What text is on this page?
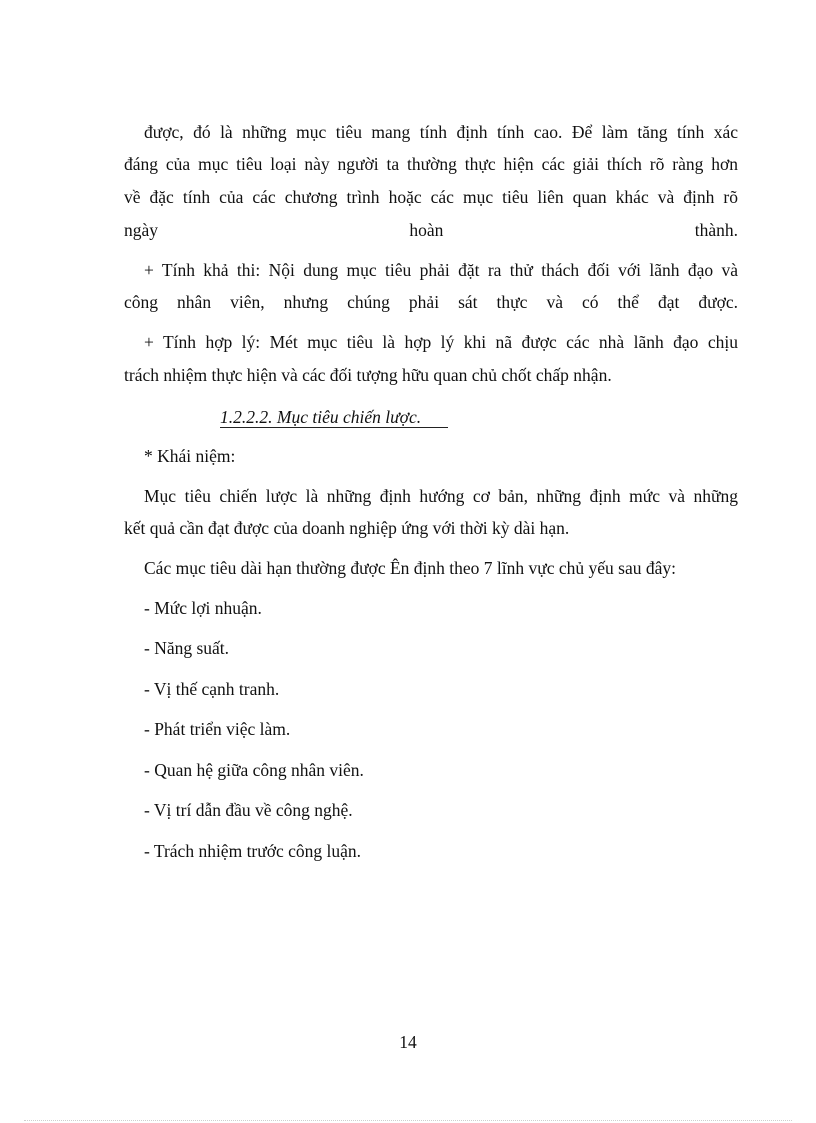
được, đó là những mục tiêu mang tính định tính cao. Để làm tăng tính xác
đáng của mục tiêu loại này người ta thường thực hiện các giải thích rõ ràng hơn
về đặc tính của các chương trình hoặc các mục tiêu liên quan khác và định rõ
ngày hoàn thành.
+ Tính khả thi: Nội dung mục tiêu phải đặt ra thử thách đối với lãnh đạo và
công nhân viên, nhưng chúng phải sát thực và có thể đạt được.
+ Tính hợp lý: Mét mục tiêu là hợp lý khi nã được các nhà lãnh đạo chịu
trách nhiệm thực hiện và các đối tượng hữu quan chủ chốt chấp nhận.
1.2.2.2. Mục tiêu chiến lược.
* Khái niệm:
Mục tiêu chiến lược là những định hướng cơ bản, những định mức và những
kết quả cần đạt được của doanh nghiệp ứng với thời kỳ dài hạn.
Các mục tiêu dài hạn thường được Ên định theo 7 lĩnh vực chủ yếu sau đây:
- Mức lợi nhuận.
- Năng suất.
- Vị thế cạnh tranh.
- Phát triển việc làm.
- Quan hệ giữa công nhân viên.
- Vị trí dẫn đầu về công nghệ.
- Trách nhiệm trước công luận.
14
